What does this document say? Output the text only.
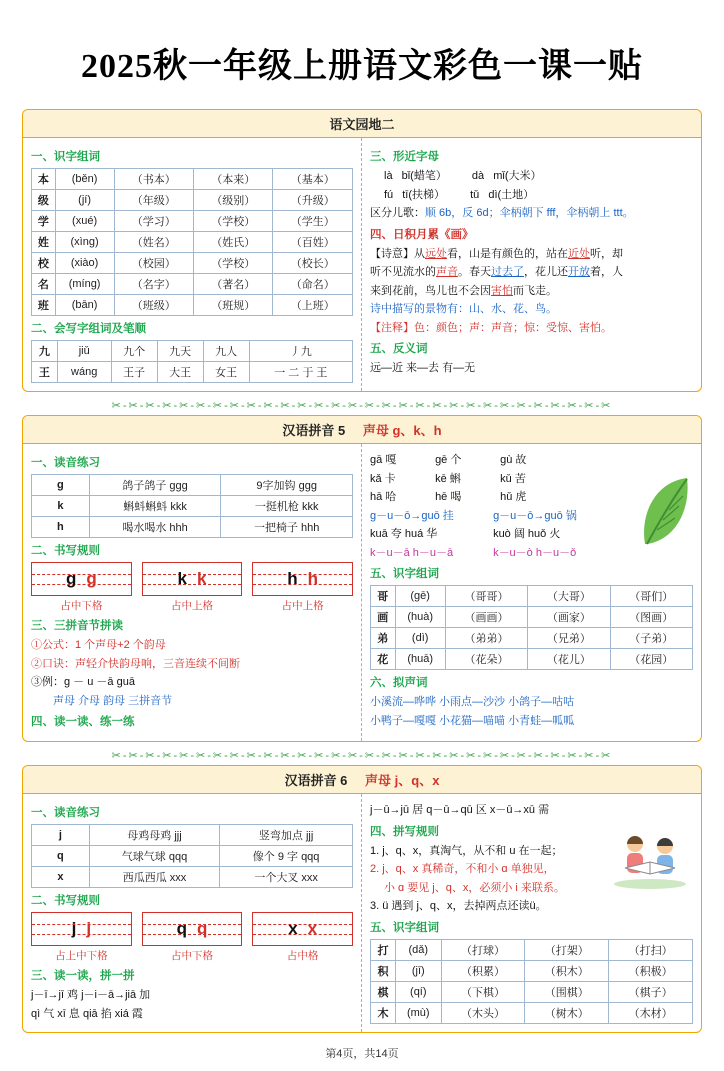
2025秋一年级上册语文彩色一课一贴
语文园地二
一、识字组词
本	(běn)	（书本）	（本来）	（基本）
级	(jí)	（年级）	（级别）	（升级）
学	(xué)	（学习）	（学校）	（学生）
姓	(xìng)	（姓名）	（姓氏）	（百姓）
校	(xiào)	（校园）	（学校）	（校长）
名	(míng)	（名字）	（著名）	（命名）
班	(bān)	（班级）	（班规）	（上班）
二、会写字组词及笔顺
九	jiǔ	九个	九天	九人	丿九
王	wáng	王子	大王	女王	一 二 于 王
三、形近字母
là bǐ(蜡笔） dà mǐ(大米）
fú tī(扶梯） tǔ dì(土地）
区分儿歌：顺 6b，反 6d；伞柄朝下 fff，伞柄朝上 ttt。
四、日积月累《画》
【诗意】从远处看，山是有颜色的，站在近处听，却
听不见流水的声音。春天过去了，花儿还开放着，人
来到花前，鸟儿也不会因害怕而飞走。
诗中描写的景物有：山、水、花、鸟。
【注释】色：颜色；声：声音；惊：受惊、害怕。
五、反义词
远—近 来—去 有—无
✂-✂-✂-✂-✂-✂-✂-✂-✂-✂-✂-✂-✂-✂-✂-✂-✂-✂-✂-✂-✂-✂-✂-✂-✂-✂-✂-✂-✂-✂
汉语拼音 5 声母 g、k、h
一、读音练习
g	鸽子鸽子 ggg	9字加钩 ggg
k	蝌蚪蝌蚪 kkk	一挺机枪 kkk
h	喝水喝水 hhh	一把椅子 hhh
二、书写规则
g g	k k	h h
占中下格	占中上格	占中上格
三、三拼音节拼读
①公式：1 个声母+2 个韵母
②口诀：声轻介快韵母响，三音连续不间断
③例：g － u －ā guā
声母 介母 韵母 三拼音节
四、读一读、练一练
gā 嘎	gē 个	gù 故
kǎ 卡	kē 蝌	kǔ 苦
hā 哈	hē 喝	hǔ 虎
g－u－ō→guō 挂	g－u－ō→guō 锅
kuā 夸 huá 华	kuò 阔 huǒ 火
k－u－ā h－u－ā	k－u－ò h－u－ǒ
五、识字组词
哥	(gē)	（哥哥）	（大哥）	（哥们）
画	(huà)	（画画）	（画家）	（图画）
弟	(dì)	（弟弟）	（兄弟）	（子弟）
花	(huā)	（花朵）	（花儿）	（花园）
六、拟声词
小溪流—哗哗 小雨点—沙沙 小鸽子—咕咕
小鸭子—嘎嘎 小花猫—喵喵 小青蛙—呱呱
✂-✂-✂-✂-✂-✂-✂-✂-✂-✂-✂-✂-✂-✂-✂-✂-✂-✂-✂-✂-✂-✂-✂-✂-✂-✂-✂-✂-✂-✂
汉语拼音 6 声母 j、q、x
一、读音练习
j	母鸡母鸡 jjj	竖弯加点 jjj
q	气球气球 qqq	像个 9 字 qqq
x	西瓜西瓜 xxx	一个大叉 xxx
二、书写规则
j j	q q	x x
占上中下格	占中下格	占中格
三、读一读，拼一拼
j－ī→jī 鸡 j－i－ā→jiā 加
qì 气 xī 息 qiā 掐 xiá 霞
j－ū→jū 居 q－ū→qū 区 x－ū→xū 需
四、拼写规则
1. j、q、x，真淘气，从不和 u 在一起；
2. j、q、x 真稀奇，不和小 ɑ 单独见，
小 ɑ 要见 j、q、x，必须小 i 来联系。
3. ü 遇到 j、q、x，去掉两点还读ü。
五、识字组词
打	(dǎ)	（打球）	（打架）	（打扫）
积	(jī)	（积累）	（积木）	（积极）
棋	(qí)	（下棋）	（围棋）	（棋子）
木	(mù)	（木头）	（树木）	（木材）
第4页，共14页
